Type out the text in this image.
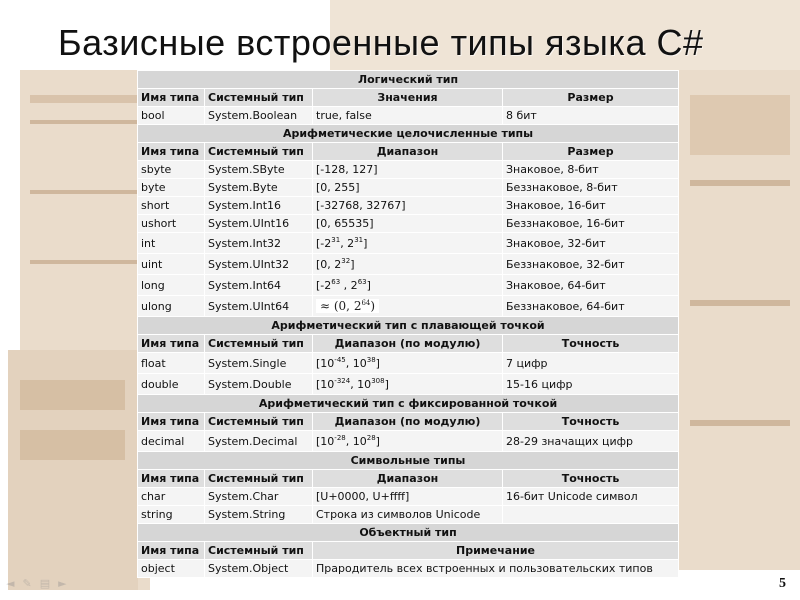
Базисные встроенные типы языка C#
Логический тип			
Имя типа	Системный тип	Значения	Размер
bool	System.Boolean	true, false	8 бит
Арифметические целочисленные типы			
Имя типа	Системный тип	Диапазон	Размер
sbyte	System.SByte	[-128, 127]	Знаковое, 8-бит
byte	System.Byte	[0, 255]	Беззнаковое, 8-бит
short	System.Int16	[-32768, 32767]	Знаковое, 16-бит
ushort	System.UInt16	[0, 65535]	Беззнаковое, 16-бит
int	System.Int32	[$-2^{31}$, $2^{31}$]	Знаковое, 32-бит
uint	System.UInt32	[0, $2^{32}$]	Беззнаковое, 32-бит
long	System.Int64	[$-2^{63}$ , $2^{63}$]	Знаковое, 64-бит
ulong	System.UInt64	≈ (0, $2^{64}$)	Беззнаковое, 64-бит
Арифметический тип с плавающей точкой			
Имя типа	Системный тип	Диапазон (по модулю)	Точность
float	System.Single	[$10^{-45}$, $10^{38}$]	7 цифр
double	System.Double	[$10^{-324}$, $10^{308}$]	15-16 цифр
Арифметический тип с фиксированной точкой			
Имя типа	Системный тип	Диапазон (по модулю)	Точность
decimal	System.Decimal	[$10^{-28}$, $10^{28}$]	28-29 значащих цифр
Символьные типы			
Имя типа	Системный тип	Диапазон	Точность
char	System.Char	[U+0000, U+ffff]	16-бит Unicode символ
string	System.String	Строка из символов Unicode	
Объектный тип			
Имя типа	Системный тип	Примечание	
object	System.Object	Прародитель всех встроенных и пользовательских типов	
◄ ✎ ▤ ►	5
